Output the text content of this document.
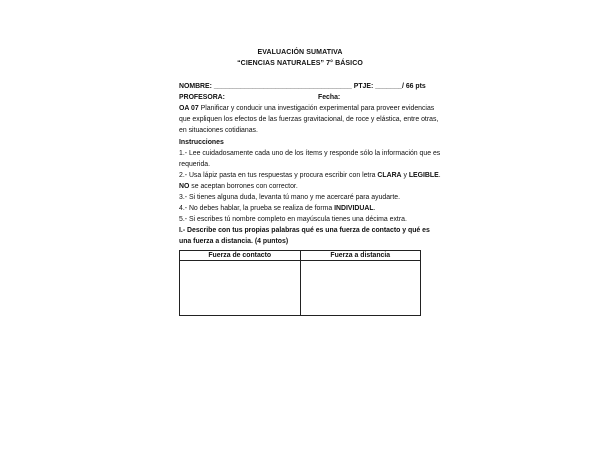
EVALUACIÓN SUMATIVA
“CIENCIAS NATURALES” 7° BÁSICO
NOMBRE: ____________________________________ PTJE: _______/ 66 pts
PROFESORA:	Fecha:
OA 07 Planificar y conducir una investigación experimental para proveer evidencias
que expliquen los efectos de las fuerzas gravitacional, de roce y elástica, entre otras,
en situaciones cotidianas.
Instrucciones
1.- Lee cuidadosamente cada uno de los ítems y responde sólo la información que es
requerida.
2.- Usa lápiz pasta en tus respuestas y procura escribir con letra CLARA y LEGIBLE.
NO se aceptan borrones con corrector.
3.- Si tienes alguna duda, levanta tú mano y me acercaré para ayudarte.
4.- No debes hablar, la prueba se realiza de forma INDIVIDUAL.
5.- Si escribes tú nombre completo en mayúscula tienes una décima extra.
I.- Describe con tus propias palabras qué es una fuerza de contacto y qué es
una fuerza a distancia. (4 puntos)
Fuerza de contacto	Fuerza a distancia
